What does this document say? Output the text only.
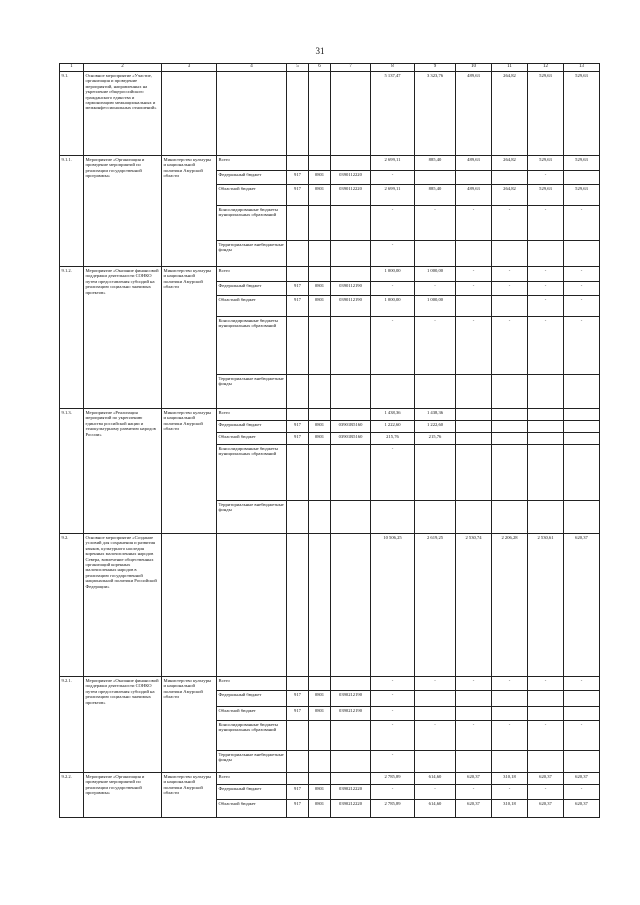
31
1	2	3	4	5	6	7	8	9	10	11	12	13
9.1.	Основное мероприятие «Участие, организация и проведение мероприятий, направленных на укрепление общероссийского гражданского единства и гармонизацию межнациональных и межконфессиональных отношений»						5 137,47	3 323,76	489,63	264,82	529,63	529,63
9.1.1.	Мероприятие «Организация и проведение мероприятий по реализации государственной программы»	Министерство культуры и национальной политики Амурской области	Всего				2 699,11	885,40	489,63	264,82	529,63	529,63
			Федеральный бюджет	917	0801	0390112220	-				-	
			Областной бюджет	917	0801	0390112220	2 699,11	885,40	489,63	264,82	529,63	529,63
			Консолидированные бюджеты муниципальных образований				-	-	-	-	-	-
			Территориальные внебюджетные фонды				-					
9.1.2.	Мероприятие «Оказание финансовой поддержки деятельности СОНКО путем предоставления субсидий на реализацию социально значимых проектов»	Министерство культуры и национальной политики Амурской области	Всего				1 000,00	1 000,00	-	-	-	-
			Федеральный бюджет	917	0801	0390112190	-	-	-	-	-	-
			Областной бюджет	917	0801	0390112190	1 000,00	1 000,00			-	-
			Консолидированные бюджеты муниципальных образований				-	-	-	-	-	-
			Территориальные внебюджетные фонды									
9.1.3.	Мероприятие «Реализация мероприятий по укреплению единства российской нации и этнокультурному развитию народов России»	Министерство культуры и национальной политики Амурской области	Всего				1 438,36	1 438,36				
			Федеральный бюджет	917	0801	03901R5160	1 222,60	1 222,60				
			Областной бюджет	917	0801	03901R5160	215,76	215,76				
			Консолидированные бюджеты муниципальных образований				-					
			Территориальные внебюджетные фонды									
9.2.	Основное мероприятие «Создание условий для сохранения и развития языков, культурного наследия коренных малочисленных народов Севера, вовлечение общественных организаций коренных малочисленных народов в реализацию государственной национальной политики Российской Федерации»						10 506,25	2 619,25	2 530,74	2 206,28	2 530,61	620,37
9.2.1.	Мероприятие «Оказание финансовой поддержки деятельности СОНКО путем предоставления субсидий на реализацию социально значимых проектов»	Министерство культуры и национальной политики Амурской области	Всего				-	-	-	-	-	-
			Федеральный бюджет	917	0801	0390212190	-					
			Областной бюджет	917	0801	0390212190	-					
			Консолидированные бюджеты муниципальных образований				-	-	-	-	-	-
			Территориальные внебюджетные фонды				-					
9.2.2.	Мероприятие «Организация и проведение мероприятий по реализации государственной программы»	Министерство культуры и национальной политики Амурской области	Всего				2 785,89	614,60	620,37	310,18	620,37	620,37
			Федеральный бюджет	917	0801	0390212220	-	-	-	-	-	-
			Областной бюджет	917	0801	0390212220	2 785,89	614,60	620,37	310,18	620,37	620,37
